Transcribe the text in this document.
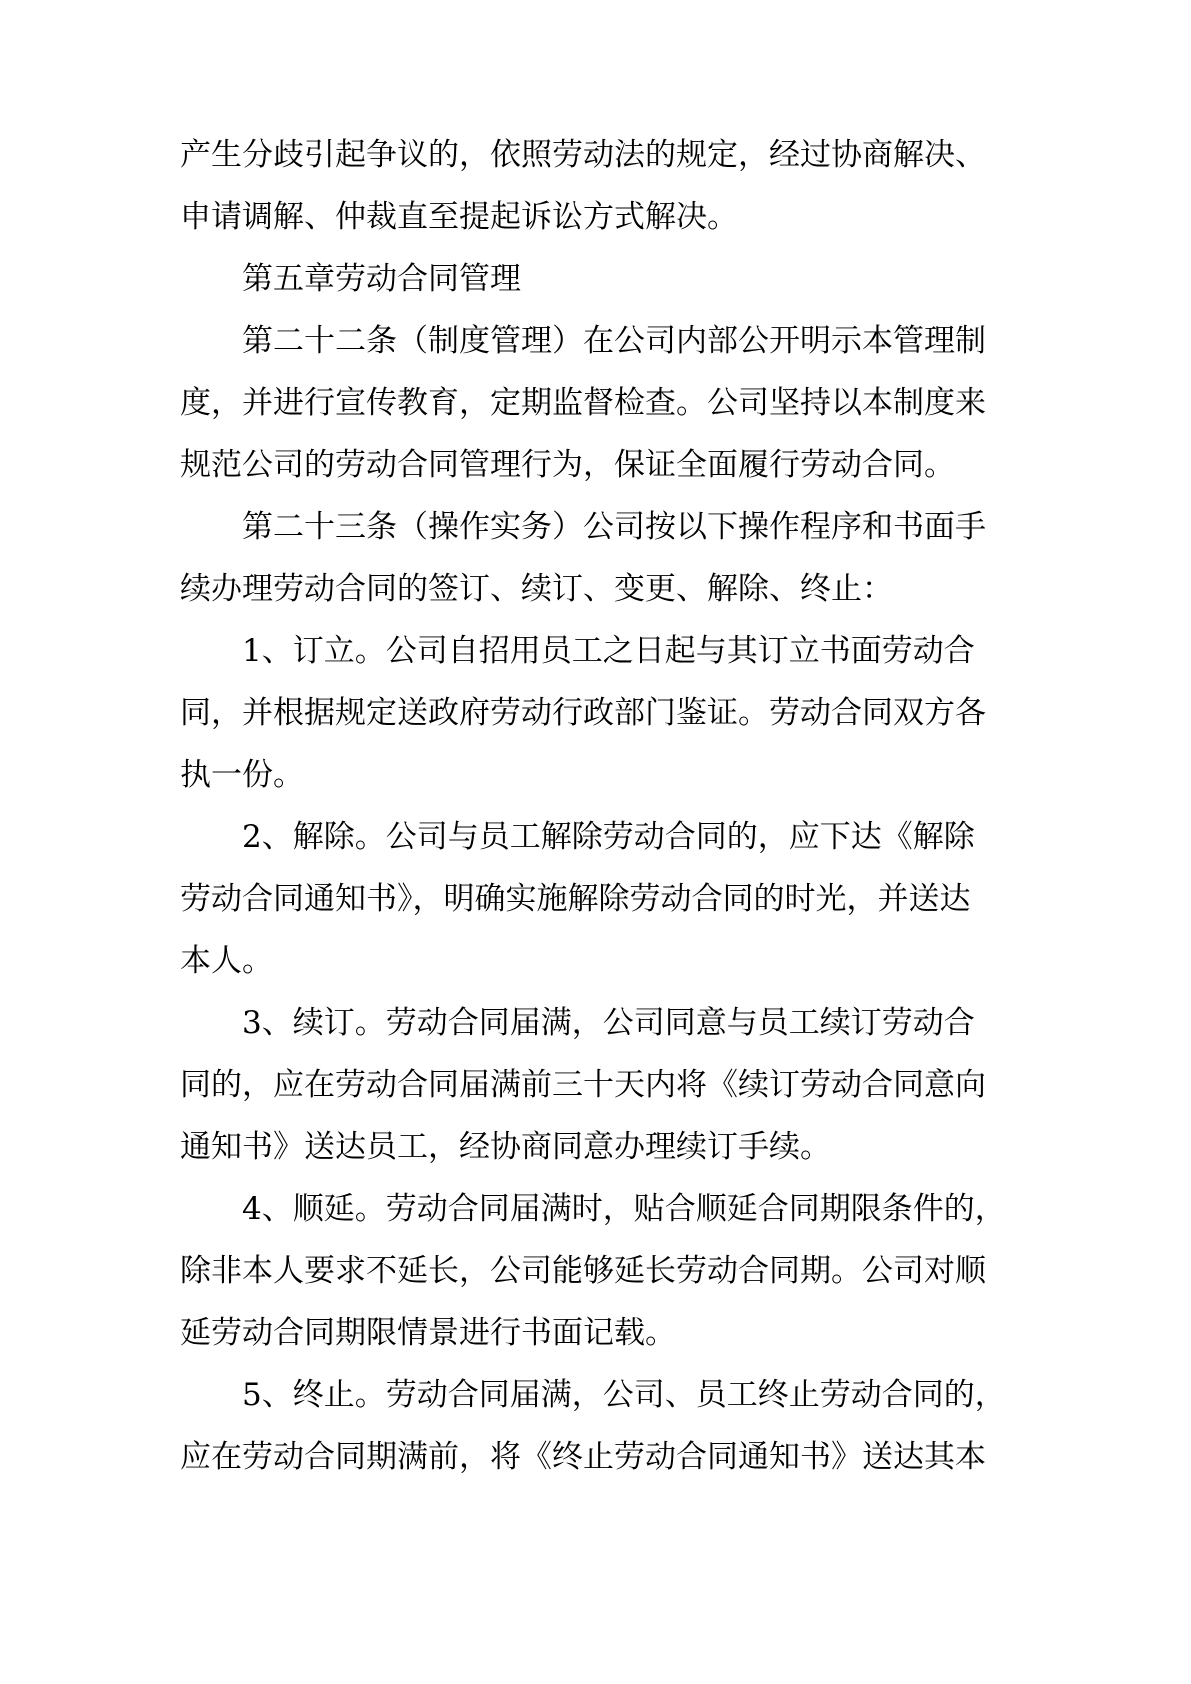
产生分歧引起争议的，依照劳动法的规定，经过协商解决、
申请调解、仲裁直至提起诉讼方式解决。
第五章劳动合同管理
第二十二条（制度管理）在公司内部公开明示本管理制
度，并进行宣传教育，定期监督检查。公司坚持以本制度来
规范公司的劳动合同管理行为，保证全面履行劳动合同。
第二十三条（操作实务）公司按以下操作程序和书面手
续办理劳动合同的签订、续订、变更、解除、终止：
1、订立。公司自招用员工之日起与其订立书面劳动合
同，并根据规定送政府劳动行政部门鉴证。劳动合同双方各
执一份。
2、解除。公司与员工解除劳动合同的，应下达《解除
劳动合同通知书》，明确实施解除劳动合同的时光，并送达
本人。
3、续订。劳动合同届满，公司同意与员工续订劳动合
同的，应在劳动合同届满前三十天内将《续订劳动合同意向
通知书》送达员工，经协商同意办理续订手续。
4、顺延。劳动合同届满时，贴合顺延合同期限条件的，
除非本人要求不延长，公司能够延长劳动合同期。公司对顺
延劳动合同期限情景进行书面记载。
5、终止。劳动合同届满，公司、员工终止劳动合同的，
应在劳动合同期满前，将《终止劳动合同通知书》送达其本
